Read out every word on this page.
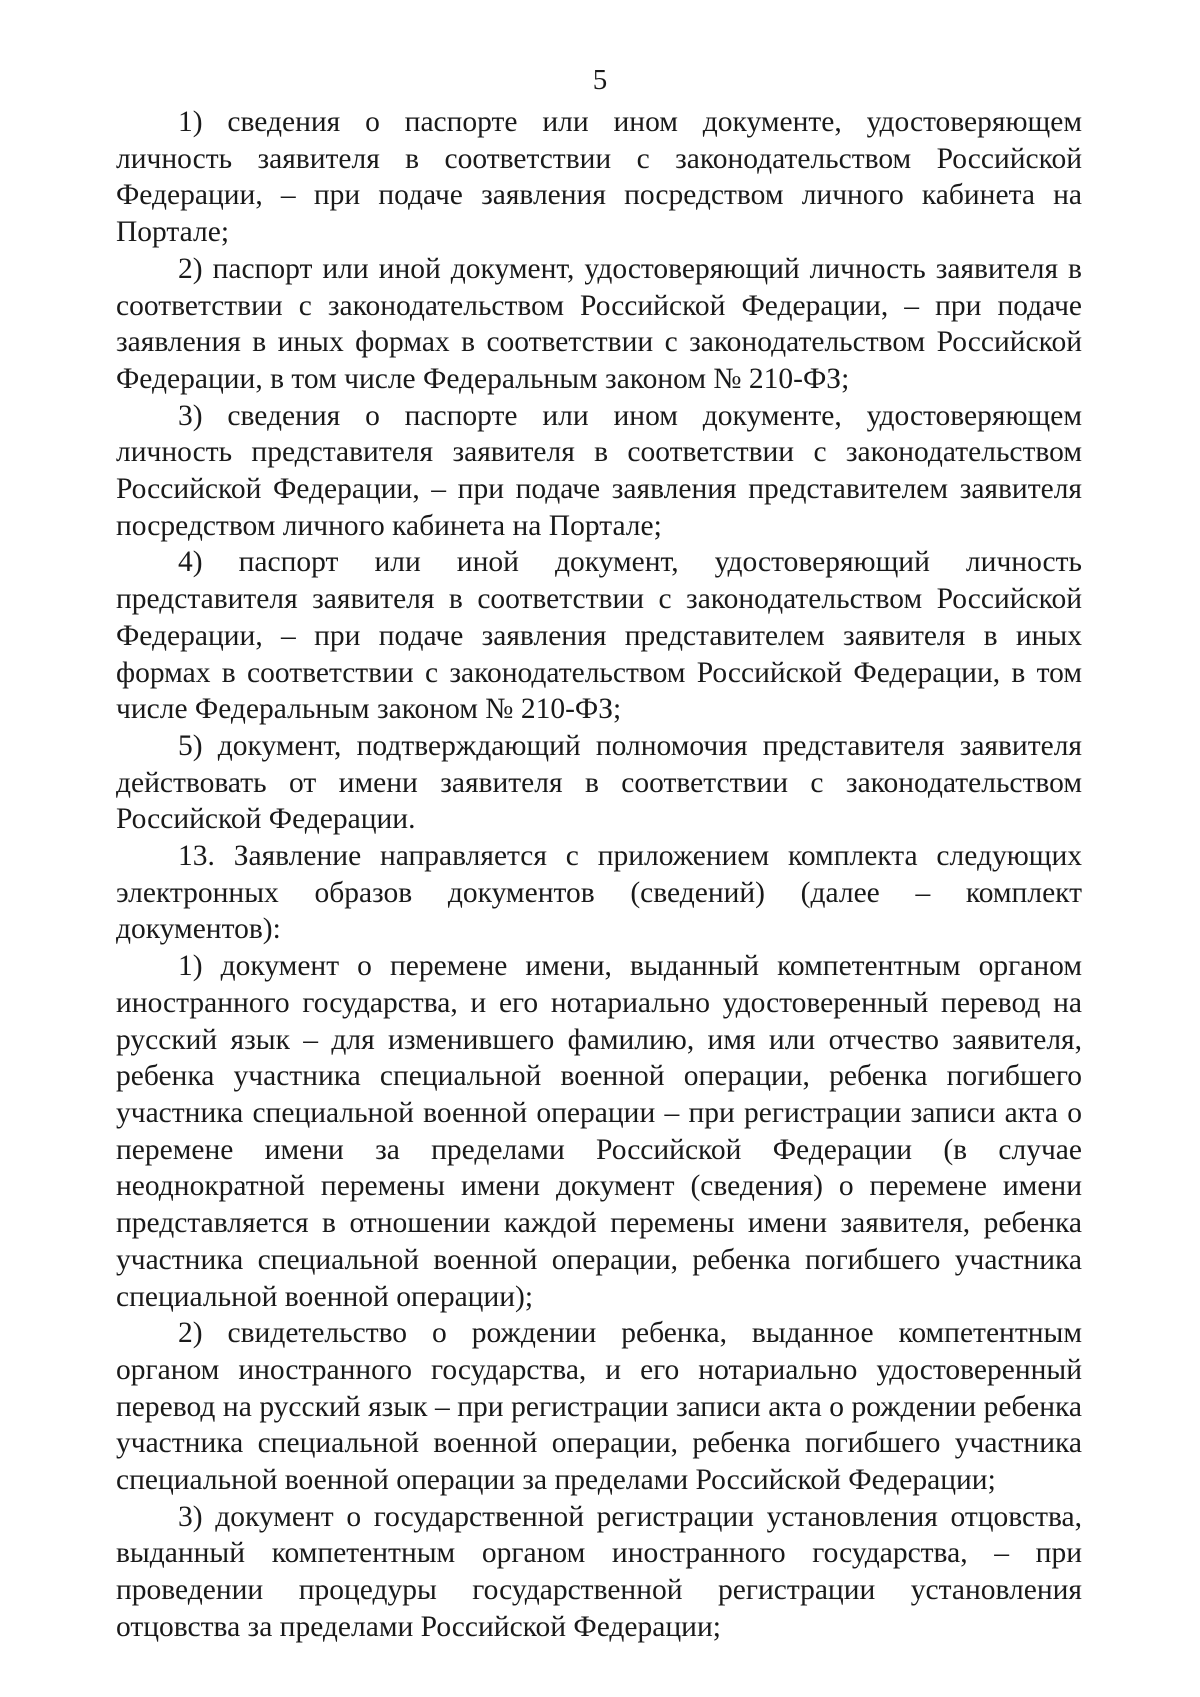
5

1) сведения о паспорте или ином документе, удостоверяющем личность заявителя в соответствии с законодательством Российской Федерации, – при подаче заявления посредством личного кабинета на Портале;

2) паспорт или иной документ, удостоверяющий личность заявителя в соответствии с законодательством Российской Федерации, – при подаче заявления в иных формах в соответствии с законодательством Российской Федерации, в том числе Федеральным законом № 210-ФЗ;

3) сведения о паспорте или ином документе, удостоверяющем личность представителя заявителя в соответствии с законодательством Российской Федерации, – при подаче заявления представителем заявителя посредством личного кабинета на Портале;

4) паспорт или иной документ, удостоверяющий личность представителя заявителя в соответствии с законодательством Российской Федерации, – при подаче заявления представителем заявителя в иных формах в соответствии с законодательством Российской Федерации, в том числе Федеральным законом № 210-ФЗ;

5) документ, подтверждающий полномочия представителя заявителя действовать от имени заявителя в соответствии с законодательством Российской Федерации.

13. Заявление направляется с приложением комплекта следующих электронных образов документов (сведений) (далее – комплект документов):

1) документ о перемене имени, выданный компетентным органом иностранного государства, и его нотариально удостоверенный перевод на русский язык – для изменившего фамилию, имя или отчество заявителя, ребенка участника специальной военной операции, ребенка погибшего участника специальной военной операции – при регистрации записи акта о перемене имени за пределами Российской Федерации (в случае неоднократной перемены имени документ (сведения) о перемене имени представляется в отношении каждой перемены имени заявителя, ребенка участника специальной военной операции, ребенка погибшего участника специальной военной операции);

2) свидетельство о рождении ребенка, выданное компетентным органом иностранного государства, и его нотариально удостоверенный перевод на русский язык – при регистрации записи акта о рождении ребенка участника специальной военной операции, ребенка погибшего участника специальной военной операции за пределами Российской Федерации;

3) документ о государственной регистрации установления отцовства, выданный компетентным органом иностранного государства, – при проведении процедуры государственной регистрации установления отцовства за пределами Российской Федерации;
